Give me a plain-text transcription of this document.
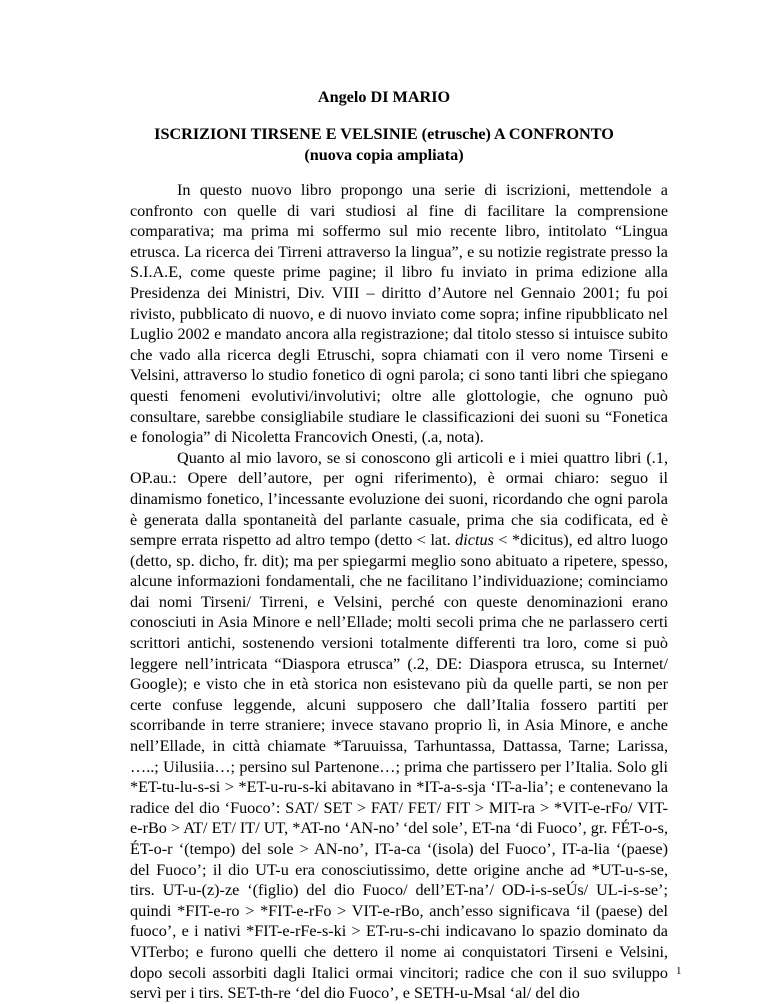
Angelo DI MARIO
ISCRIZIONI TIRSENE E VELSINIE (etrusche) A CONFRONTO
(nuova copia ampliata)

In questo nuovo libro propongo una serie di iscrizioni, mettendole a confronto con quelle di vari studiosi al fine di facilitare la comprensione comparativa; ma prima mi soffermo sul mio recente libro, intitolato “Lingua etrusca. La ricerca dei Tirreni attraverso la lingua”, e su notizie registrate presso la S.I.A.E, come queste prime pagine; il libro fu inviato in prima edizione alla Presidenza dei Ministri, Div. VIII – diritto d’Autore nel Gennaio 2001; fu poi rivisto, pubblicato di nuovo, e di nuovo inviato come sopra; infine ripubblicato nel Luglio 2002 e mandato ancora alla registrazione; dal titolo stesso si intuisce subito che vado alla ricerca degli Etruschi, sopra chiamati con il vero nome Tirseni e Velsini, attraverso lo studio fonetico di ogni parola; ci sono tanti libri che spiegano questi fenomeni evolutivi/involutivi; oltre alle glottologie, che ognuno può consultare, sarebbe consigliabile studiare le classificazioni dei suoni su “Fonetica e fonologia” di Nicoletta Francovich Onesti, (.a, nota).

Quanto al mio lavoro, se si conoscono gli articoli e i miei quattro libri (.1, OP.au.: Opere dell’autore, per ogni riferimento), è ormai chiaro: seguo il dinamismo fonetico, l’incessante evoluzione dei suoni, ricordando che ogni parola è generata dalla spontaneità del parlante casuale, prima che sia codificata, ed è sempre errata rispetto ad altro tempo (detto < lat. dictus < *dicitus), ed altro luogo (detto, sp. dicho, fr. dit); ma per spiegarmi meglio sono abituato a ripetere, spesso, alcune informazioni fondamentali, che ne facilitano l’individuazione; cominciamo dai nomi Tirseni/ Tirreni, e Velsini, perché con queste denominazioni erano conosciuti in Asia Minore e nell’Ellade; molti secoli prima che ne parlassero certi scrittori antichi, sostenendo versioni totalmente differenti tra loro, come si può leggere nell’intricata “Diaspora etrusca” (.2, DE: Diaspora etrusca, su Internet/ Google); e visto che in età storica non esistevano più da quelle parti, se non per certe confuse leggende, alcuni supposero che dall’Italia fossero partiti per scorribande in terre straniere; invece stavano proprio lì, in Asia Minore, e anche nell’Ellade, in città chiamate *Taruuissa, Tarhuntassa, Dattassa, Tarne; Larissa, …..; Uilusiia…; persino sul Partenone…; prima che partissero per l’Italia. Solo gli *ET-tu-lu-s-si > *ET-u-ru-s-ki abitavano in *IT-a-s-sja ‘IT-a-lia’; e contenevano la radice del dio ‘Fuoco’: SAT/ SET > FAT/ FET/ FIT > MIT-ra > *VIT-e-rFo/ VIT-e-rBo > AT/ ET/ IT/ UT, *AT-no ‘AN-no’ ‘del sole’, ET-na ‘di Fuoco’, gr. FÉT-o-s, ÉT-o-r ‘(tempo) del sole > AN-no’, IT-a-ca ‘(isola) del Fuoco’, IT-a-lia ‘(paese) del Fuoco’; il dio UT-u era conosciutissimo, dette origine anche ad *UT-u-s-se, tirs. UT-u-(z)-ze ‘(figlio) del dio Fuoco/ dell’ET-na’/ OD-i-s-seÚs/ UL-i-s-se’; quindi *FIT-e-ro > *FIT-e-rFo > VIT-e-rBo, anch’esso significava ‘il (paese) del fuoco’, e i nativi *FIT-e-rFe-s-ki > ET-ru-s-chi indicavano lo spazio dominato da VITerbo; e furono quelli che dettero il nome ai conquistatori Tirseni e Velsini, dopo secoli assorbiti dagli Italici ormai vincitori; radice che con il suo sviluppo servì per i tirs. SET-th-re ‘del dio Fuoco’, e SETH-u-Msal ‘al/ del dio

1
